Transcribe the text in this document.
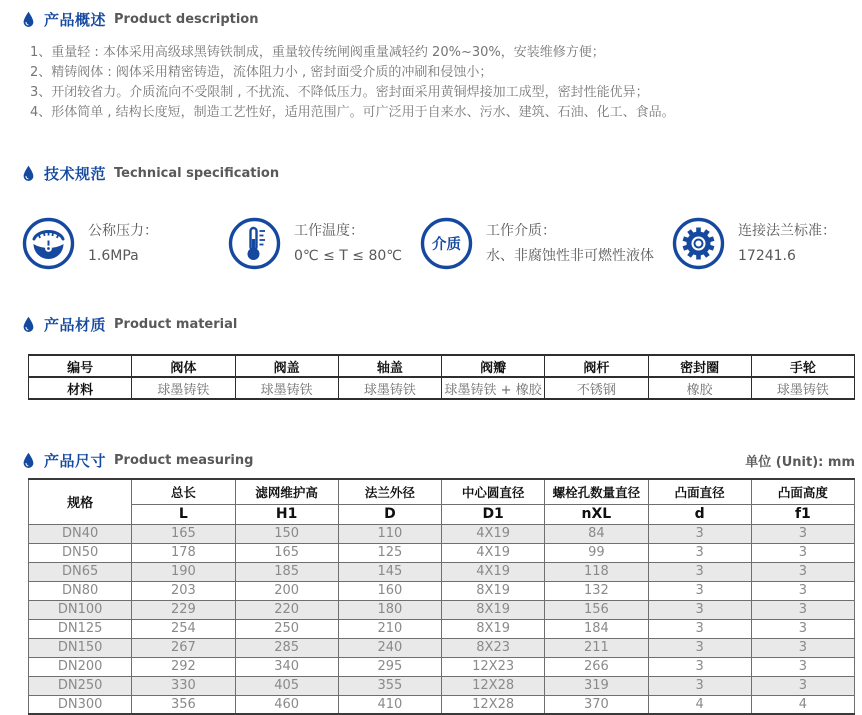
产品概述 Product description
1、重量轻 : 本体采用高级球黑铸铁制成，重量较传统闸阀重量减轻约 20%~30%，安装维修方便；
2、精铸阀体 : 阀体采用精密铸造，流体阻力小 , 密封面受介质的冲刷和侵蚀小；
3、开闭较省力。介质流向不受限制 , 不扰流、不降低压力。密封面采用黄铜焊接加工成型，密封性能优异；
4、形体简单 , 结构长度短，制造工艺性好，适用范围广。可广泛用于自来水、污水、建筑、石油、化工、食品。
技术规范 Technical specification
公称压力：
1.6MPa
工作温度：
0℃ ≤ T ≤ 80℃
介质
工作介质：
水、非腐蚀性非可燃性液体
连接法兰标准：
17241.6
产品材质 Product material
编号	阀体	阀盖	轴盖	阀瓣	阀杆	密封圈	手轮
材料	球墨铸铁	球墨铸铁	球墨铸铁	球墨铸铁 + 橡胶	不锈钢	橡胶	球墨铸铁
产品尺寸 Product measuring	单位 (Unit): mm
规格	总长	滤网维护高	法兰外径	中心圆直径	螺栓孔数量直径	凸面直径	凸面高度
	L	H1	D	D1	nXL	d	f1
DN40	165	150	110	4X19	84	3	3
DN50	178	165	125	4X19	99	3	3
DN65	190	185	145	4X19	118	3	3
DN80	203	200	160	8X19	132	3	3
DN100	229	220	180	8X19	156	3	3
DN125	254	250	210	8X19	184	3	3
DN150	267	285	240	8X23	211	3	3
DN200	292	340	295	12X23	266	3	3
DN250	330	405	355	12X28	319	3	3
DN300	356	460	410	12X28	370	4	4
